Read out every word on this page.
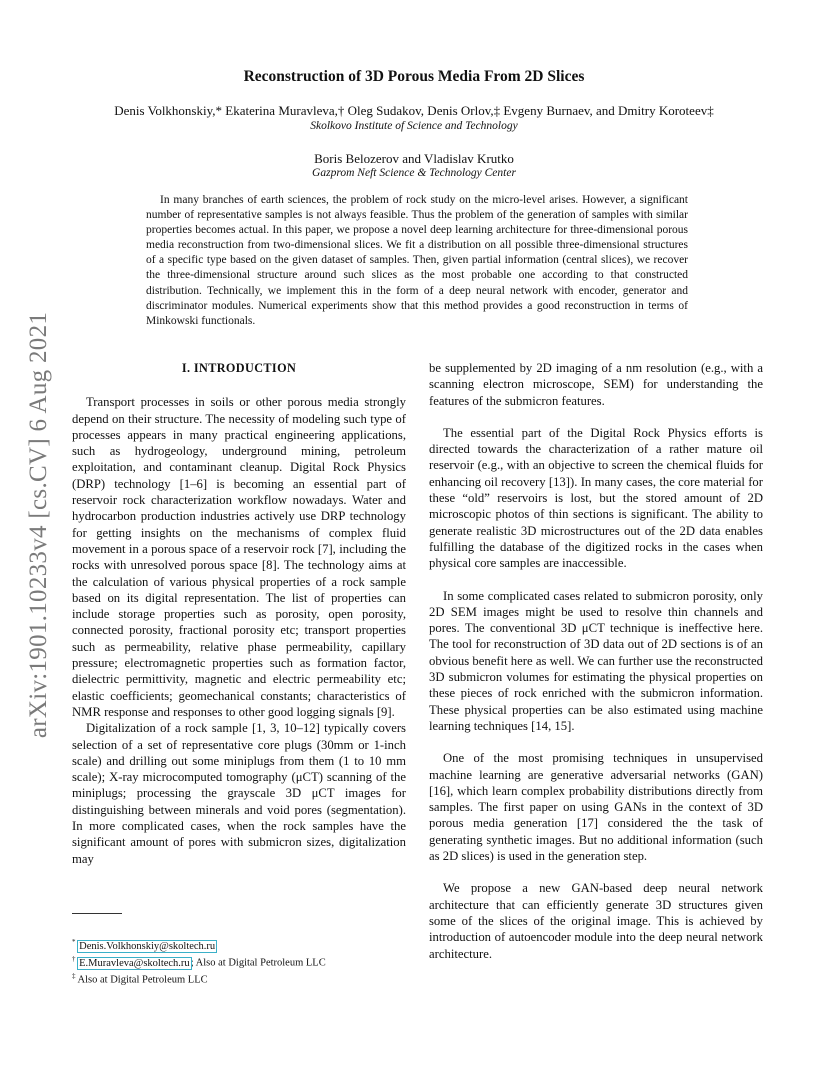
arXiv:1901.10233v4 [cs.CV] 6 Aug 2021
Reconstruction of 3D Porous Media From 2D Slices
Denis Volkhonskiy,* Ekaterina Muravleva,† Oleg Sudakov, Denis Orlov,‡ Evgeny Burnaev, and Dmitry Koroteev‡
Skolkovo Institute of Science and Technology
Boris Belozerov and Vladislav Krutko
Gazprom Neft Science & Technology Center
In many branches of earth sciences, the problem of rock study on the micro-level arises. However, a significant number of representative samples is not always feasible. Thus the problem of the generation of samples with similar properties becomes actual. In this paper, we propose a novel deep learning architecture for three-dimensional porous media reconstruction from two-dimensional slices. We fit a distribution on all possible three-dimensional structures of a specific type based on the given dataset of samples. Then, given partial information (central slices), we recover the three-dimensional structure around such slices as the most probable one according to that constructed distribution. Technically, we implement this in the form of a deep neural network with encoder, generator and discriminator modules. Numerical experiments show that this method provides a good reconstruction in terms of Minkowski functionals.
I. INTRODUCTION

Transport processes in soils or other porous media strongly depend on their structure. The necessity of modeling such type of processes appears in many practical engineering applications, such as hydrogeology, underground mining, petroleum exploitation, and contaminant cleanup. Digital Rock Physics (DRP) technology [1–6] is becoming an essential part of reservoir rock characterization workflow nowadays. Water and hydrocarbon production industries actively use DRP technology for getting insights on the mechanisms of complex fluid movement in a porous space of a reservoir rock [7], including the rocks with unresolved porous space [8]. The technology aims at the calculation of various physical properties of a rock sample based on its digital representation. The list of properties can include storage properties such as porosity, open porosity, connected porosity, fractional porosity etc; transport properties such as permeability, relative phase permeability, capillary pressure; electromagnetic properties such as formation factor, dielectric permittivity, magnetic and electric permeability etc; elastic coefficients; geomechanical constants; characteristics of NMR response and responses to other good logging signals [9].

Digitalization of a rock sample [1, 3, 10–12] typically covers selection of a set of representative core plugs (30mm or 1-inch scale) and drilling out some miniplugs from them (1 to 10 mm scale); X-ray microcomputed tomography (μCT) scanning of the miniplugs; processing the grayscale 3D μCT images for distinguishing between minerals and void pores (segmentation). In more complicated cases, when the rock samples have the significant amount of pores with submicron sizes, digitalization may

be supplemented by 2D imaging of a nm resolution (e.g., with a scanning electron microscope, SEM) for understanding the features of the submicron features.

The essential part of the Digital Rock Physics efforts is directed towards the characterization of a rather mature oil reservoir (e.g., with an objective to screen the chemical fluids for enhancing oil recovery [13]). In many cases, the core material for these “old” reservoirs is lost, but the stored amount of 2D microscopic photos of thin sections is significant. The ability to generate realistic 3D microstructures out of the 2D data enables fulfilling the database of the digitized rocks in the cases when physical core samples are inaccessible.

In some complicated cases related to submicron porosity, only 2D SEM images might be used to resolve thin channels and pores. The conventional 3D μCT technique is ineffective here. The tool for reconstruction of 3D data out of 2D sections is of an obvious benefit here as well. We can further use the reconstructed 3D submicron volumes for estimating the physical properties on these pieces of rock enriched with the submicron information. These physical properties can be also estimated using machine learning techniques [14, 15].

One of the most promising techniques in unsupervised machine learning are generative adversarial networks (GAN) [16], which learn complex probability distributions directly from samples. The first paper on using GANs in the context of 3D porous media generation [17] considered the the task of generating synthetic images. But no additional information (such as 2D slices) is used in the generation step.

We propose a new GAN-based deep neural network architecture that can efficiently generate 3D structures given some of the slices of the original image. This is achieved by introduction of autoencoder module into the deep neural network architecture.

* Denis.Volkhonskiy@skoltech.ru
† E.Muravleva@skoltech.ru; Also at Digital Petroleum LLC
‡ Also at Digital Petroleum LLC
